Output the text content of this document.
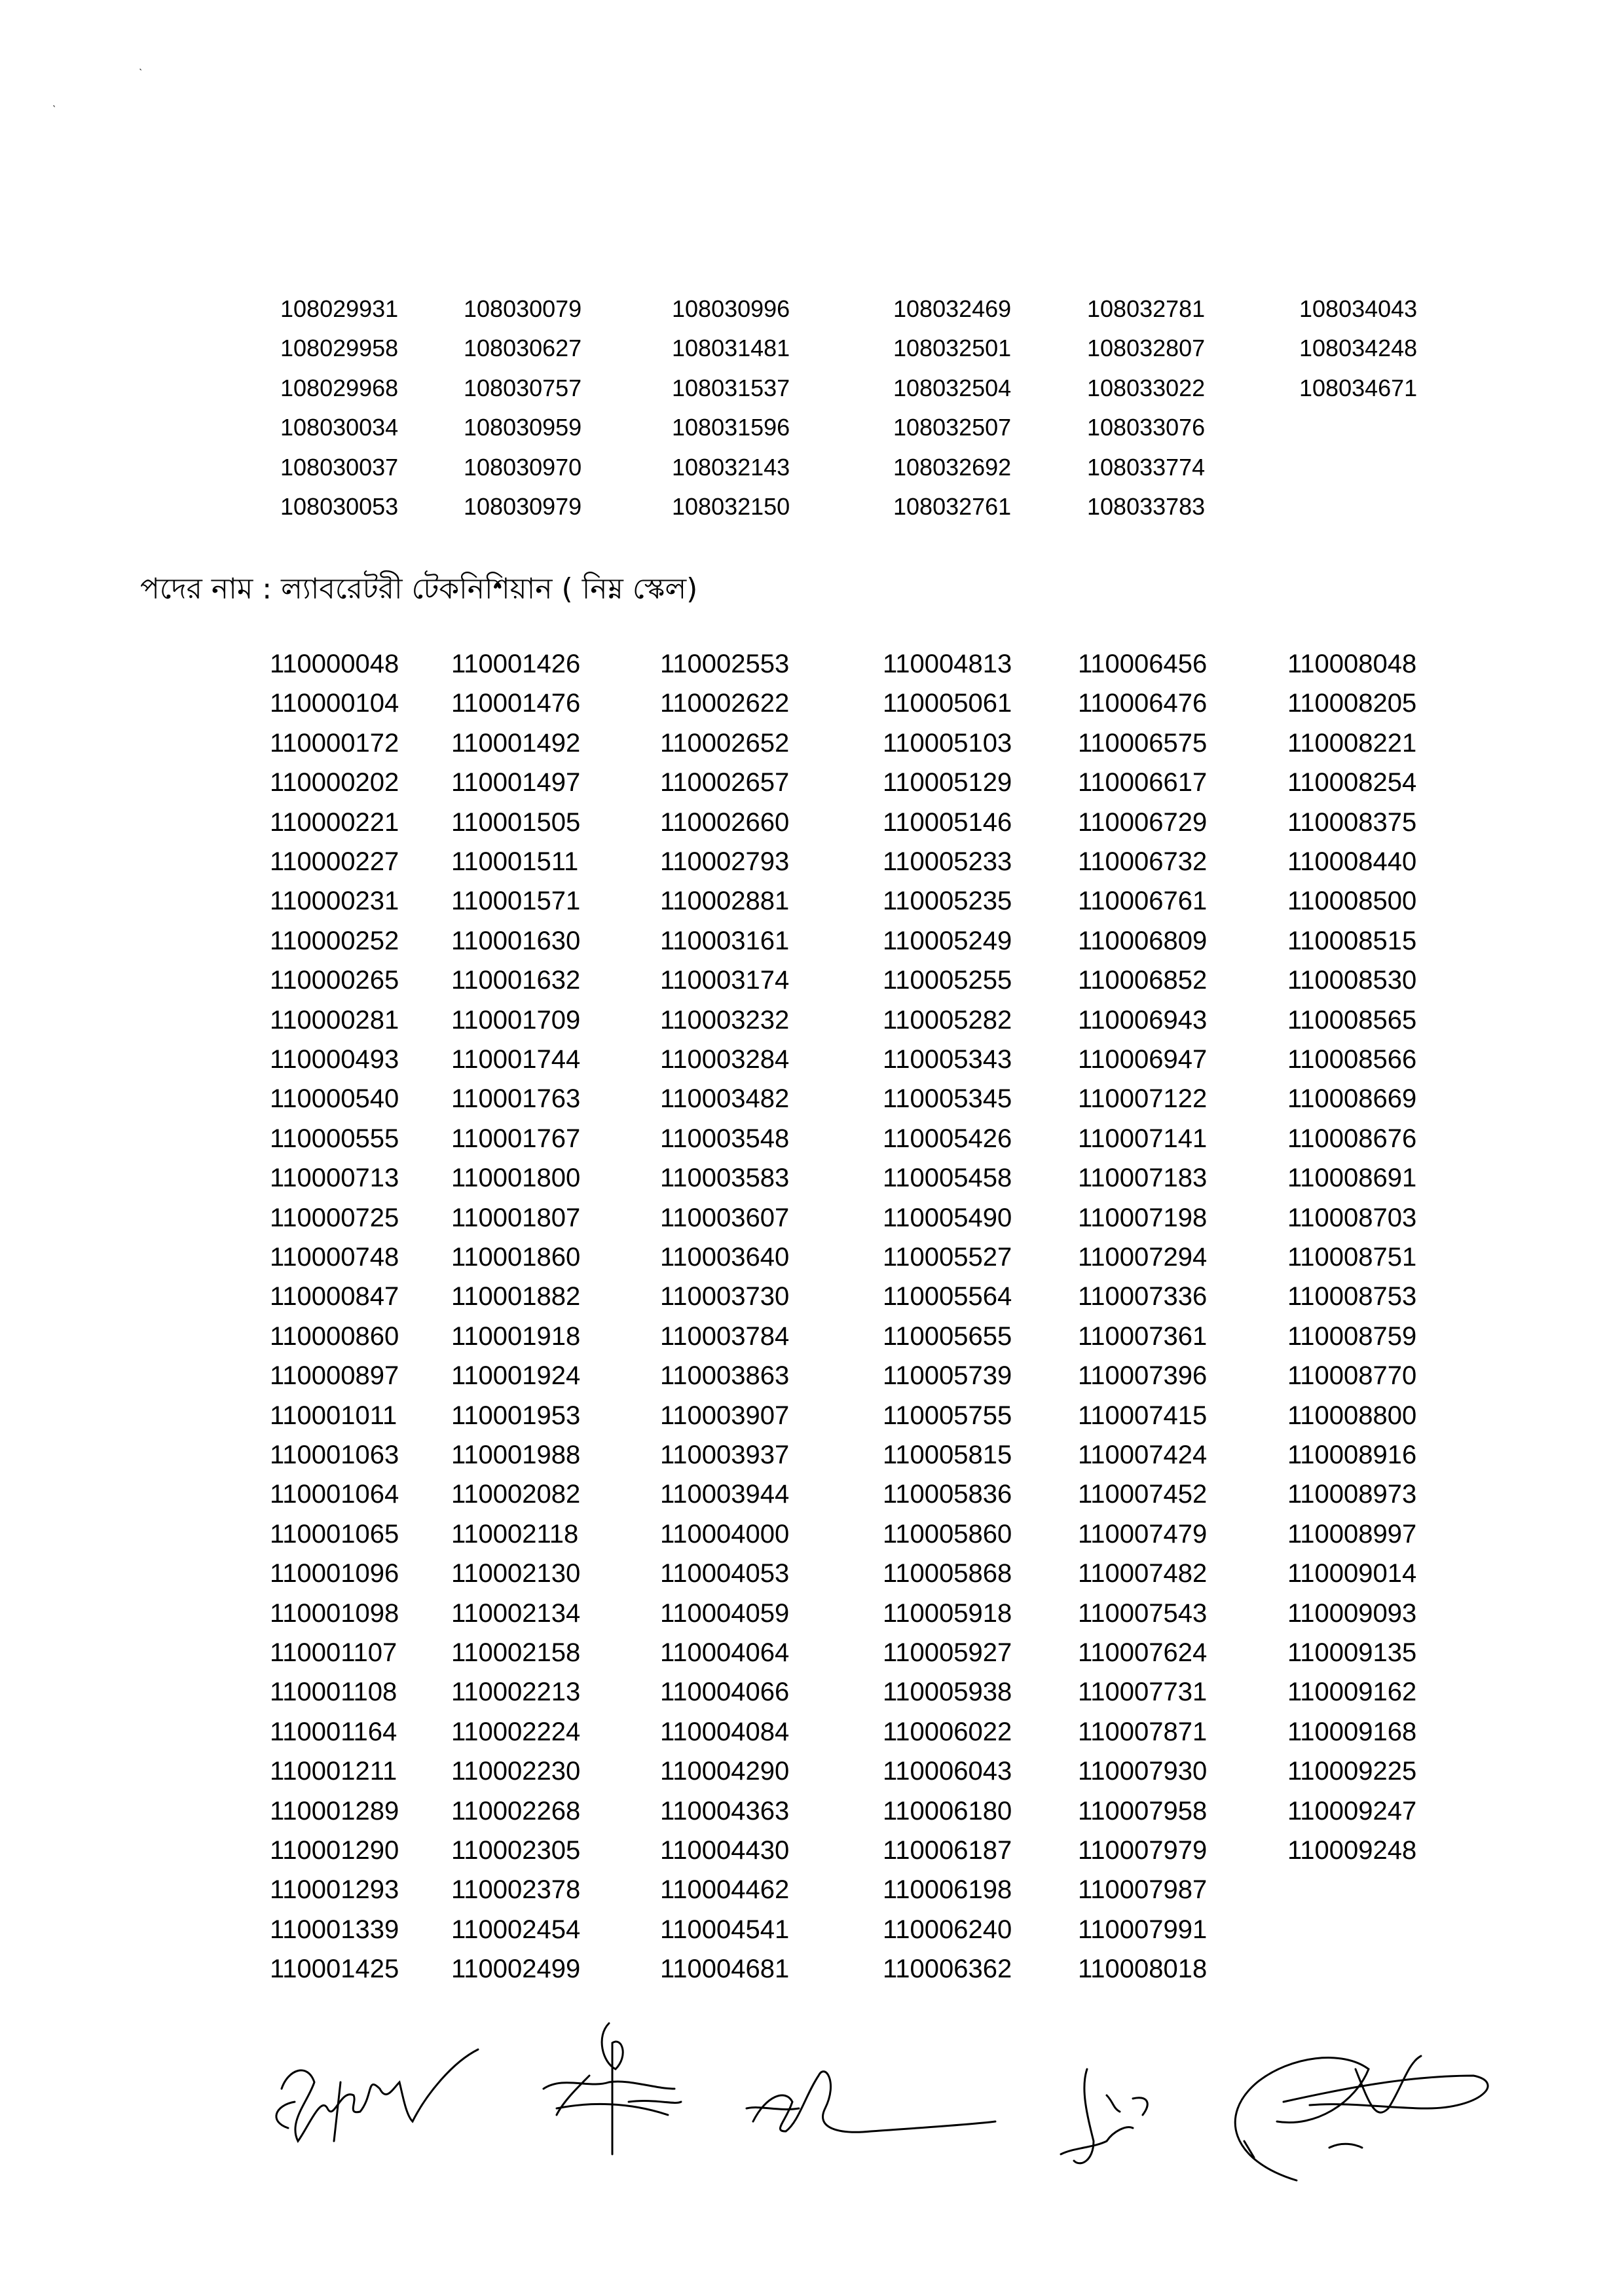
ˎ
ˎ
108029931
108029958
108029968
108030034
108030037
108030053
108030079
108030627
108030757
108030959
108030970
108030979
108030996
108031481
108031537
108031596
108032143
108032150
108032469
108032501
108032504
108032507
108032692
108032761
108032781
108032807
108033022
108033076
108033774
108033783
108034043
108034248
108034671
পদের নাম : ল্যাবরেটরী টেকনিশিয়ান ( নিম্ন স্কেল)
110000048
110000104
110000172
110000202
110000221
110000227
110000231
110000252
110000265
110000281
110000493
110000540
110000555
110000713
110000725
110000748
110000847
110000860
110000897
110001011
110001063
110001064
110001065
110001096
110001098
110001107
110001108
110001164
110001211
110001289
110001290
110001293
110001339
110001425
110001426
110001476
110001492
110001497
110001505
110001511
110001571
110001630
110001632
110001709
110001744
110001763
110001767
110001800
110001807
110001860
110001882
110001918
110001924
110001953
110001988
110002082
110002118
110002130
110002134
110002158
110002213
110002224
110002230
110002268
110002305
110002378
110002454
110002499
110002553
110002622
110002652
110002657
110002660
110002793
110002881
110003161
110003174
110003232
110003284
110003482
110003548
110003583
110003607
110003640
110003730
110003784
110003863
110003907
110003937
110003944
110004000
110004053
110004059
110004064
110004066
110004084
110004290
110004363
110004430
110004462
110004541
110004681
110004813
110005061
110005103
110005129
110005146
110005233
110005235
110005249
110005255
110005282
110005343
110005345
110005426
110005458
110005490
110005527
110005564
110005655
110005739
110005755
110005815
110005836
110005860
110005868
110005918
110005927
110005938
110006022
110006043
110006180
110006187
110006198
110006240
110006362
110006456
110006476
110006575
110006617
110006729
110006732
110006761
110006809
110006852
110006943
110006947
110007122
110007141
110007183
110007198
110007294
110007336
110007361
110007396
110007415
110007424
110007452
110007479
110007482
110007543
110007624
110007731
110007871
110007930
110007958
110007979
110007987
110007991
110008018
110008048
110008205
110008221
110008254
110008375
110008440
110008500
110008515
110008530
110008565
110008566
110008669
110008676
110008691
110008703
110008751
110008753
110008759
110008770
110008800
110008916
110008973
110008997
110009014
110009093
110009135
110009162
110009168
110009225
110009247
110009248
